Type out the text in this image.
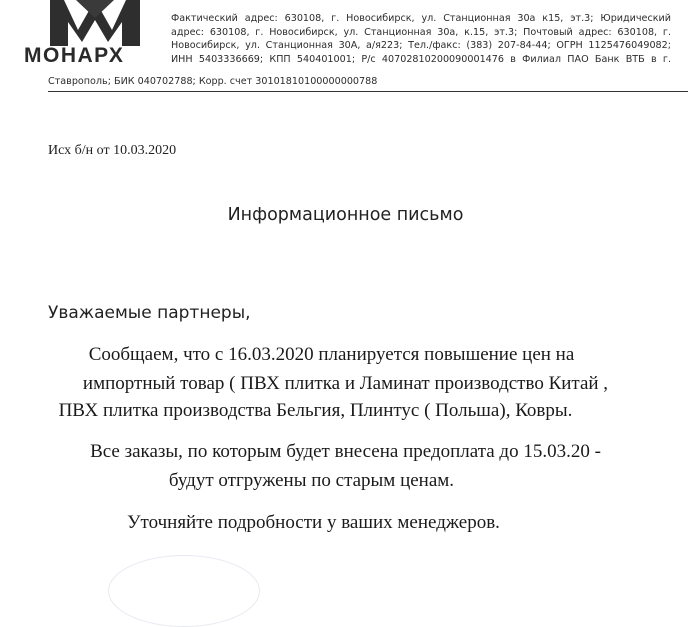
МОНАРХ
Фактический адрес: 630108, г. Новосибирск, ул. Станционная 30а к15, эт.3; Юридический
адрес: 630108, г. Новосибирск, ул. Станционная 30а, к.15, эт.3; Почтовый адрес: 630108, г.
Новосибирск, ул. Станционная 30А, а/я223; Тел./факс: (383) 207-84-44; ОГРН 1125476049082;
ИНН 5403336669; КПП 540401001; Р/с 40702810200090001476 в Филиал ПАО Банк ВТБ в г.
Ставрополь; БИК 040702788; Корр. счет 30101810100000000788
Исх б/н от 10.03.2020
Информационное письмо
Уважаемые партнеры,
Сообщаем, что с 16.03.2020 планируется повышение цен на
импортный товар ( ПВХ плитка и Ламинат производство Китай ,
ПВХ плитка производства Бельгия, Плинтус ( Польша), Ковры.
Все заказы, по которым будет внесена предоплата до 15.03.20 -
будут отгружены по старым ценам.
Уточняйте подробности у ваших менеджеров.
